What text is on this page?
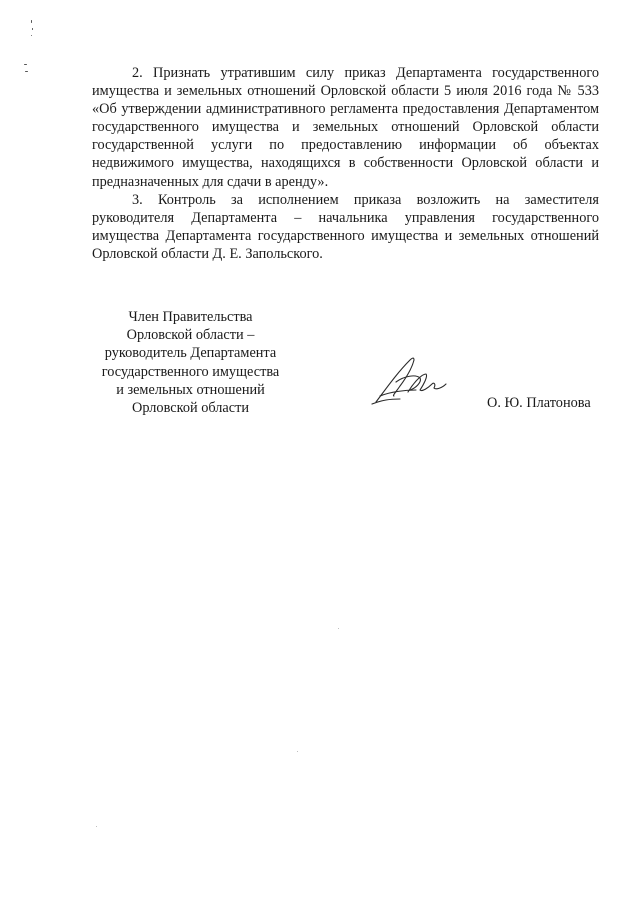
2. Признать утратившим силу приказ Департамента государственного имущества и земельных отношений Орловской области 5 июля 2016 года № 533 «Об утверждении административного регламента предоставления Департаментом государственного имущества и земельных отношений Орловской области государственной услуги по предоставлению информации об объектах недвижимого имущества, находящихся в собственности Орловской области и предназначенных для сдачи в аренду».

3. Контроль за исполнением приказа возложить на заместителя руководителя Департамента – начальника управления государственного имущества Департамента государственного имущества и земельных отношений Орловской области Д. Е. Запольского.

Член Правительства
Орловской области –
руководитель Департамента
государственного имущества
и земельных отношений
Орловской области	О. Ю. Платонова
